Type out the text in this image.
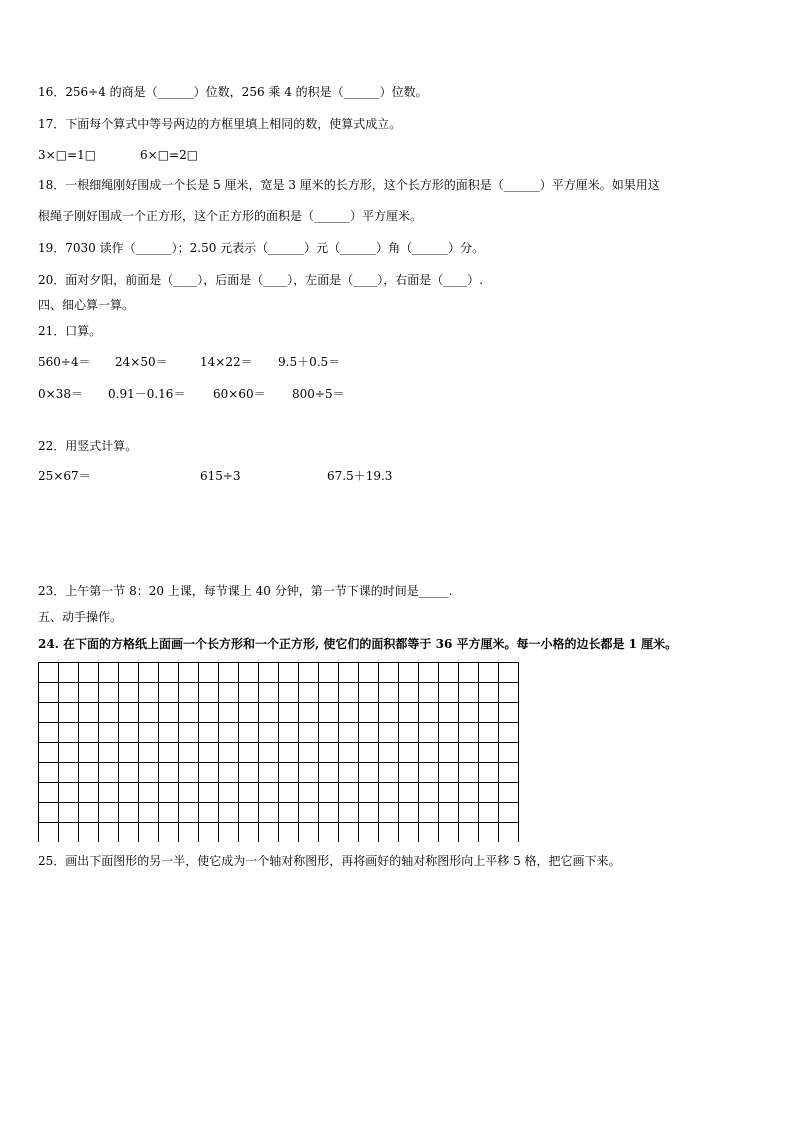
16．256÷4 的商是（______）位数，256 乘 4 的积是（______）位数。
17．下面每个算式中等号两边的方框里填上相同的数，使算式成立。
3×□=1□	6×□=2□
18．一根细绳刚好围成一个长是 5 厘米，宽是 3 厘米的长方形，这个长方形的面积是（______）平方厘米。如果用这
根绳子刚好围成一个正方形，这个正方形的面积是（______）平方厘米。
19．7030 读作（______）；2.50 元表示（______）元（______）角（______）分。
20．面对夕阳，前面是（____），后面是（____），左面是（____），右面是（____）.
四、细心算一算。
21．口算。
560÷4＝ 24×50＝	14×22＝ 9.5＋0.5＝
0×38＝ 0.91－0.16＝ 60×60＝ 800÷5＝
22．用竖式计算。
25×67＝	615÷3	67.5＋19.3
23．上午第一节 8：20 上课，每节课上 40 分钟，第一节下课的时间是_____.
五、动手操作。
24. 在下面的方格纸上面画一个长方形和一个正方形, 使它们的面积都等于 36 平方厘米。每一小格的边长都是 1 厘米。
25．画出下面图形的另一半，使它成为一个轴对称图形，再将画好的轴对称图形向上平移 5 格，把它画下来。
